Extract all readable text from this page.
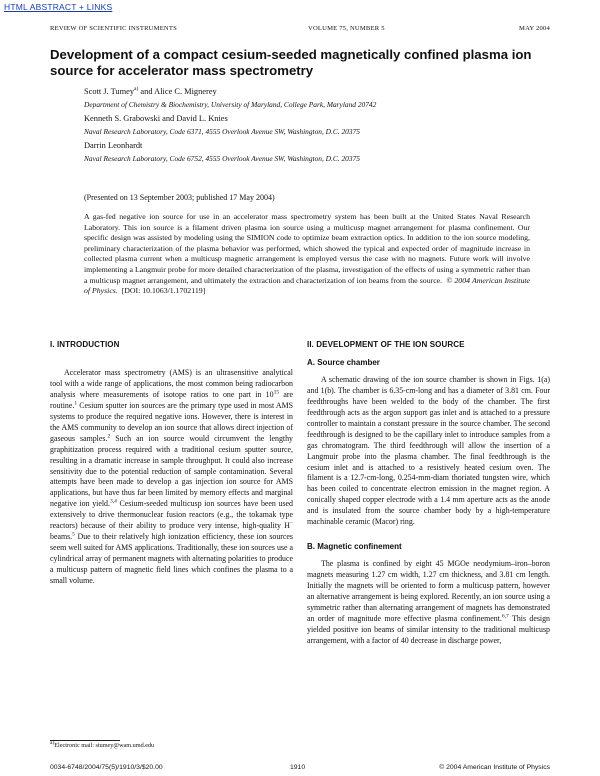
HTML ABSTRACT + LINKS
REVIEW OF SCIENTIFIC INSTRUMENTS	VOLUME 75, NUMBER 5	MAY 2004
Development of a compact cesium-seeded magnetically confined plasma ion source for accelerator mass spectrometry
Scott J. Tumey$^{a)}$ and Alice C. Mignerey
Department of Chemistry & Biochemistry, University of Maryland, College Park, Maryland 20742
Kenneth S. Grabowski and David L. Knies
Naval Research Laboratory, Code 6371, 4555 Overlook Avenue SW, Washington, D.C. 20375
Darrin Leonhardt
Naval Research Laboratory, Code 6752, 4555 Overlook Avenue SW, Washington, D.C. 20375
(Presented on 13 September 2003; published 17 May 2004)

A gas-fed negative ion source for use in an accelerator mass spectrometry system has been built at the United States Naval Research Laboratory. This ion source is a filament driven plasma ion source using a multicusp magnet arrangement for plasma confinement. Our specific design was assisted by modeling using the SIMION code to optimize beam extraction optics. In addition to the ion source modeling, preliminary characterization of the plasma behavior was performed, which showed the typical and expected order of magnitude increase in collected plasma current when a multicusp magnetic arrangement is employed versus the case with no magnets. Future work will involve implementing a Langmuir probe for more detailed characterization of the plasma, investigation of the effects of using a symmetric rather than a multicusp magnet arrangement, and ultimately the extraction and characterization of ion beams from the source. © 2004 American Institute of Physics. [DOI: 10.1063/1.1702119]

I. INTRODUCTION

Accelerator mass spectrometry (AMS) is an ultrasensitive analytical tool with a wide range of applications, the most common being radiocarbon analysis where measurements of isotope ratios to one part in $10^{15}$ are routine.$^1$ Cesium sputter ion sources are the primary type used in most AMS systems to produce the required negative ions. However, there is interest in the AMS community to develop an ion source that allows direct injection of gaseous samples.$^2$ Such an ion source would circumvent the lengthy graphitization process required with a traditional cesium sputter source, resulting in a dramatic increase in sample throughput. It could also increase sensitivity due to the potential reduction of sample contamination. Several attempts have been made to develop a gas injection ion source for AMS applications, but have thus far been limited by memory effects and marginal negative ion yield.$^{3,4}$ Cesium-seeded multicusp ion sources have been used extensively to drive thermonuclear fusion reactors (e.g., the tokamak type reactors) because of their ability to produce very intense, high-quality H− beams.$^5$ Due to their relatively high ionization efficiency, these ion sources seem well suited for AMS applications. Traditionally, these ion sources use a cylindrical array of permanent magnets with alternating polarities to produce a multicusp pattern of magnetic field lines which confines the plasma to a small volume.

II. DEVELOPMENT OF THE ION SOURCE
A. Source chamber

A schematic drawing of the ion source chamber is shown in Figs. 1(a) and 1(b). The chamber is 6.35-cm-long and has a diameter of 3.81 cm. Four feedthroughs have been welded to the body of the chamber. The first feedthrough acts as the argon support gas inlet and is attached to a pressure controller to maintain a constant pressure in the source chamber. The second feedthrough is designed to be the capillary inlet to introduce samples from a gas chromatogram. The third feedthrough will allow the insertion of a Langmuir probe into the plasma chamber. The final feedthrough is the cesium inlet and is attached to a resistively heated cesium oven. The filament is a 12.7-cm-long, 0.254-mm-diam thoriated tungsten wire, which has been coiled to concentrate electron emission in the magnet region. A conically shaped copper electrode with a 1.4 mm aperture acts as the anode and is insulated from the source chamber body by a high-temperature machinable ceramic (Macor) ring.

B. Magnetic confinement

The plasma is confined by eight 45 MGOe neodymium–iron–boron magnets measuring 1.27 cm width, 1.27 cm thickness, and 3.81 cm length. Initially the magnets will be oriented to form a multicusp pattern, however an alternative arrangement is being explored. Recently, an ion source using a symmetric rather than alternating arrangement of magnets has demonstrated an order of magnitude more effective plasma confinement.$^{6,7}$ This design yielded positive ion beams of similar intensity to the traditional multicusp arrangement, with a factor of 40 decrease in discharge power,

$^{a)}$Electronic mail: stumey@wam.umd.edu
0034-6748/2004/75(5)/1910/3/$20.00	1910	© 2004 American Institute of Physics
